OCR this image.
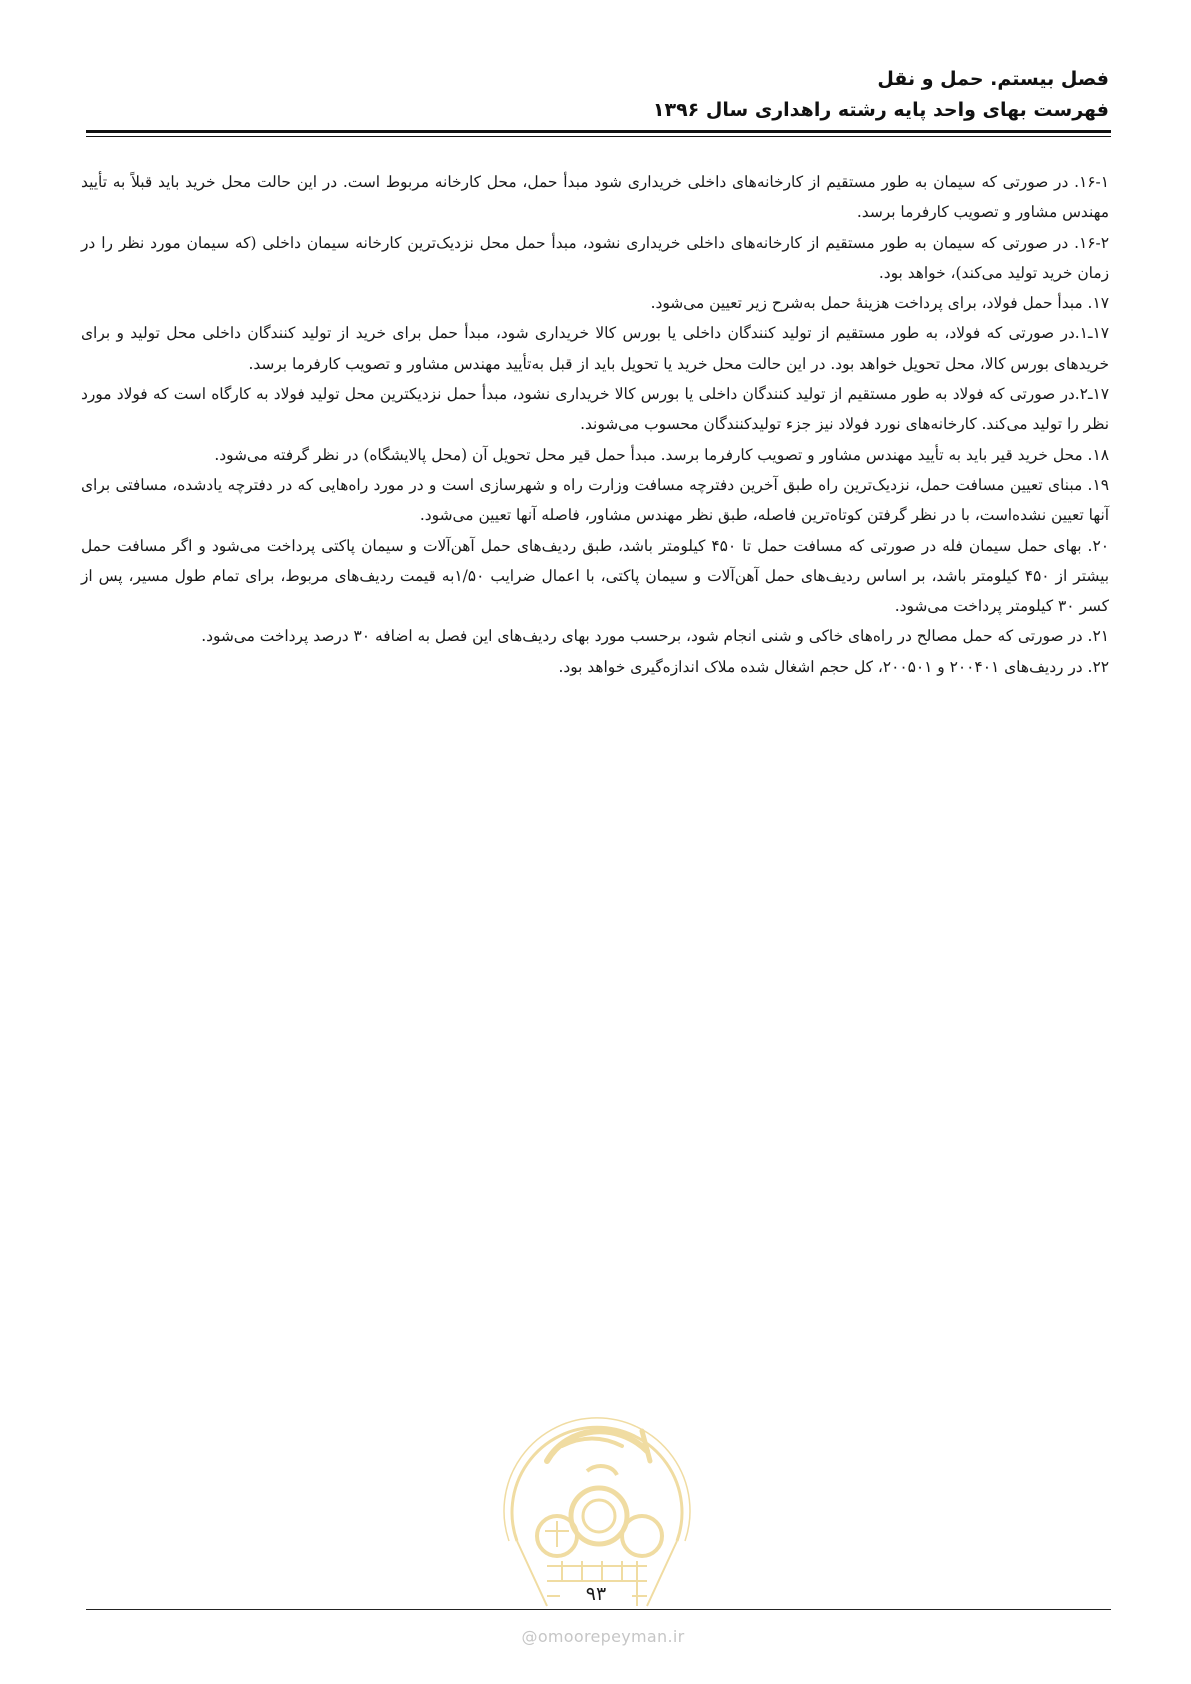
فصل بیستم. حمل و نقل
فهرست بهای واحد پایه رشته راهداری سال ۱۳۹۶

۱۶-۱. در صورتی که سیمان به طور مستقیم از کارخانه‌های داخلی خریداری شود مبدأ حمل، محل کارخانه مربوط است. در این حالت محل خرید باید قبلاً به تأیید مهندس مشاور و تصویب کارفرما برسد.

۱۶-۲. در صورتی که سیمان به طور مستقیم از کارخانه‌های داخلی خریداری نشود، مبدأ حمل محل نزدیک‌ترین کارخانه سیمان داخلی (که سیمان مورد نظر را در زمان خرید تولید می‌کند)، خواهد بود.

۱۷. مبدأ حمل فولاد، برای پرداخت هزینهٔ حمل به‌شرح زیر تعیین می‌شود.

۱۷ـ۱.در صورتی که فولاد، به طور مستقیم از تولید کنندگان داخلی یا بورس کالا خریداری شود، مبدأ حمل برای خرید از تولید کنندگان داخلی محل تولید و برای خریدهای بورس کالا، محل تحویل خواهد بود. در این حالت محل خرید یا تحویل باید از قبل به‌تأیید مهندس مشاور و تصویب کارفرما برسد.

۱۷ـ۲.در صورتی که فولاد به طور مستقیم از تولید کنندگان داخلی یا بورس کالا خریداری نشود، مبدأ حمل نزدیکترین محل تولید فولاد به کارگاه است که فولاد مورد نظر را تولید می‌کند. کارخانه‌های نورد فولاد نیز جزء تولیدکنندگان محسوب می‌شوند.

۱۸. محل خرید قیر باید به تأیید مهندس مشاور و تصویب کارفرما برسد. مبدأ حمل قیر محل تحویل آن (محل پالایشگاه) در نظر گرفته می‌شود.

۱۹. مبنای تعیین مسافت حمل، نزدیک‌ترین راه طبق آخرین دفترچه مسافت وزارت راه و شهرسازی است و در مورد راه‌هایی که در دفترچه یادشده، مسافتی برای آنها تعیین نشده‌است، با در نظر گرفتن کوتاه‌ترین فاصله، طبق نظر مهندس مشاور، فاصله آنها تعیین می‌شود.

۲۰. بهای حمل سیمان فله در صورتی که مسافت حمل تا ۴۵۰ کیلومتر باشد، طبق ردیف‌های حمل آهن‌آلات و سیمان پاکتی پرداخت می‌شود و اگر مسافت حمل بیشتر از ۴۵۰ کیلومتر باشد، بر اساس ردیف‌های حمل آهن‌آلات و سیمان پاکتی، با اعمال ضرایب ۱/۵۰به قیمت ردیف‌های مربوط، برای تمام طول مسیر، پس از کسر ۳۰ کیلومتر پرداخت می‌شود.

۲۱. در صورتی که حمل مصالح در راه‌های خاکی و شنی انجام شود، برحسب مورد بهای ردیف‌های این فصل به اضافه ۳۰ درصد پرداخت می‌شود.

۲۲. در ردیف‌های ۲۰۰۴۰۱ و ۲۰۰۵۰۱، کل حجم اشغال شده ملاک اندازه‌گیری خواهد بود.

۹۳
@omoorepeyman.ir
